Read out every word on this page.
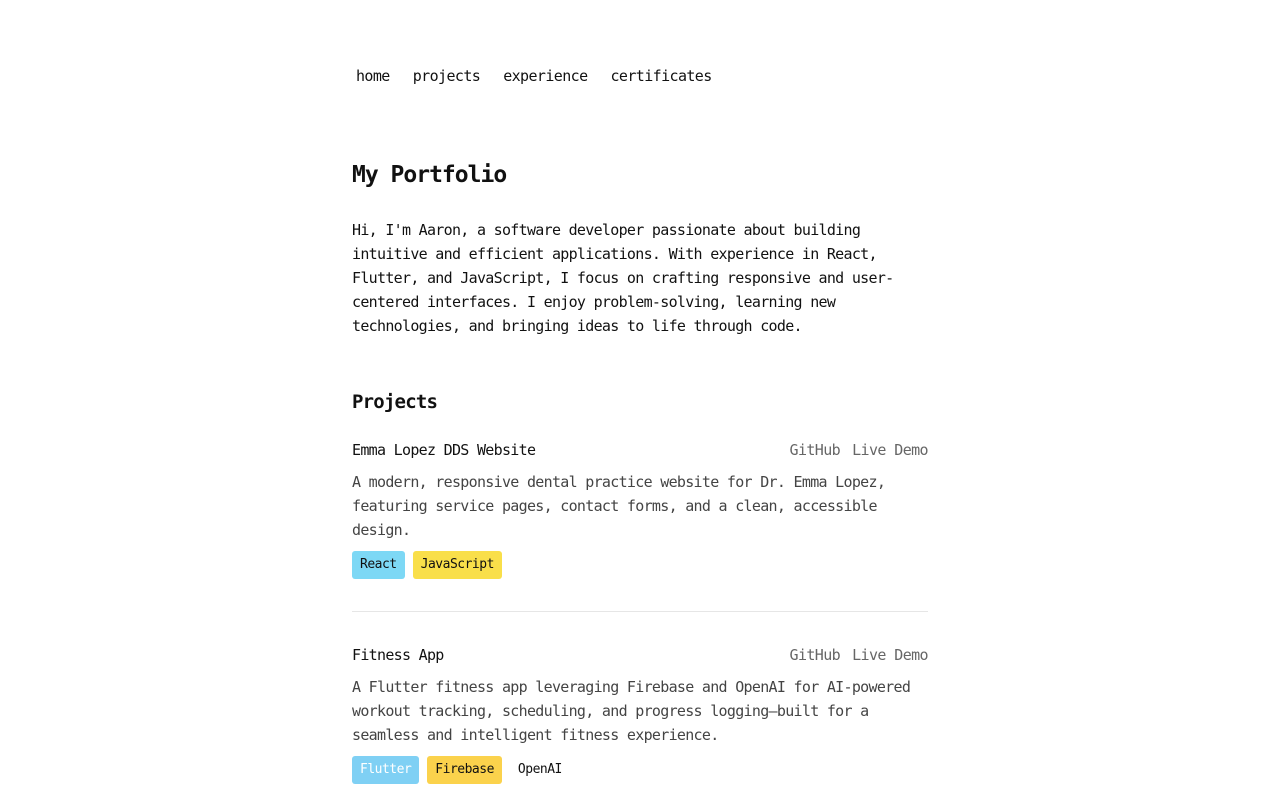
home projects experience certificates
My Portfolio

Hi, I'm Aaron, a software developer passionate about building intuitive and efficient applications. With experience in React, Flutter, and JavaScript, I focus on crafting responsive and user-centered interfaces. I enjoy problem-solving, learning new technologies, and bringing ideas to life through code.

Projects
Emma Lopez DDS Website	GitHub Live Demo

A modern, responsive dental practice website for Dr. Emma Lopez, featuring service pages, contact forms, and a clean, accessible design.

React	JavaScript
Fitness App	GitHub Live Demo

A Flutter fitness app leveraging Firebase and OpenAI for AI-powered workout tracking, scheduling, and progress logging—built for a seamless and intelligent fitness experience.

Flutter	Firebase	OpenAI
